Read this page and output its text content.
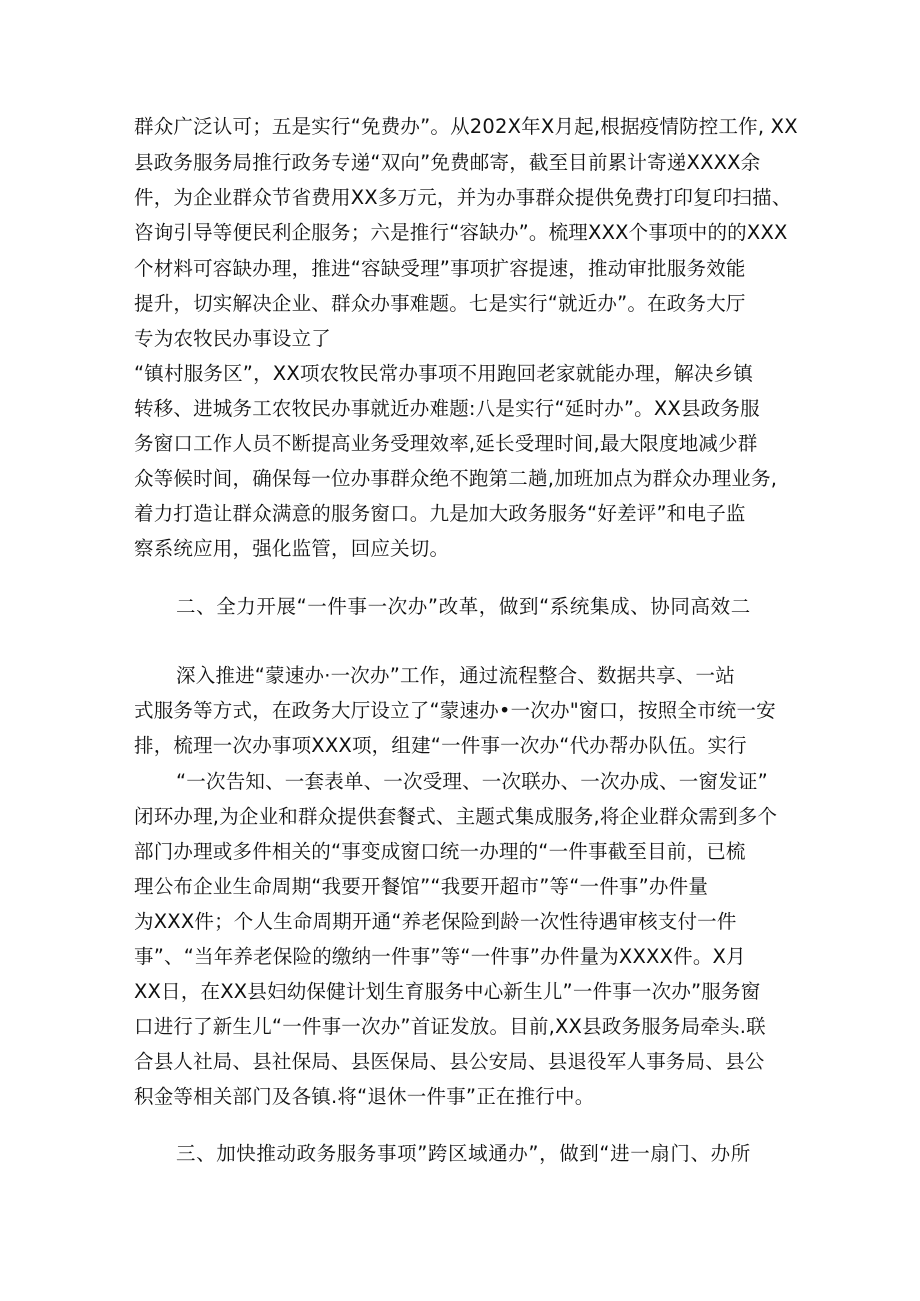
群众广泛认可；五是实行“免费办”。从202X年X月起,根据疫情防控工作, XX
县政务服务局推行政务专递“双向”免费邮寄，截至目前累计寄递XXXX余
件，为企业群众节省费用XX多万元，并为办事群众提供免费打印复印扫描、
咨询引导等便民利企服务；六是推行“容缺办”。梳理XXX个事项中的的XXX
个材料可容缺办理，推进“容缺受理”事项扩容提速，推动审批服务效能
提升，切实解决企业、群众办事难题。七是实行“就近办”。在政务大厅
专为农牧民办事设立了
“镇村服务区”，XX项农牧民常办事项不用跑回老家就能办理，解决乡镇
转移、进城务工农牧民办事就近办难题:八是实行“延时办”。XX县政务服
务窗口工作人员不断提高业务受理效率,延长受理时间,最大限度地减少群
众等候时间，确保每一位办事群众绝不跑第二趟,加班加点为群众办理业务,
着力打造让群众满意的服务窗口。九是加大政务服务“好差评”和电子监
察系统应用，强化监管，回应关切。
二、全力开展“一件事一次办”改革，做到“系统集成、协同高效二
深入推进“蒙速办·一次办”工作，通过流程整合、数据共享、一站
式服务等方式，在政务大厅设立了“蒙速办•一次办"窗口，按照全市统一安
排，梳理一次办事项XXX项，组建“一件事一次办“代办帮办队伍。实行
“一次告知、一套表单、一次受理、一次联办、一次办成、一窗发证”
闭环办理,为企业和群众提供套餐式、主题式集成服务,将企业群众需到多个
部门办理或多件相关的“事变成窗口统一办理的“一件事截至目前，已梳
理公布企业生命周期“我要开餐馆”“我要开超市”等“一件事”办件量
为XXX件；个人生命周期开通“养老保险到龄一次性待遇审核支付一件
事”、“当年养老保险的缴纳一件事”等“一件事”办件量为XXXX件。X月
XX日，在XX县妇幼保健计划生育服务中心新生儿”一件事一次办”服务窗
口进行了新生儿“一件事一次办”首证发放。目前,XX县政务服务局牵头.联
合县人社局、县社保局、县医保局、县公安局、县退役军人事务局、县公
积金等相关部门及各镇.将“退休一件事”正在推行中。
三、加快推动政务服务事项”跨区域通办”，做到“进一扇门、办所
